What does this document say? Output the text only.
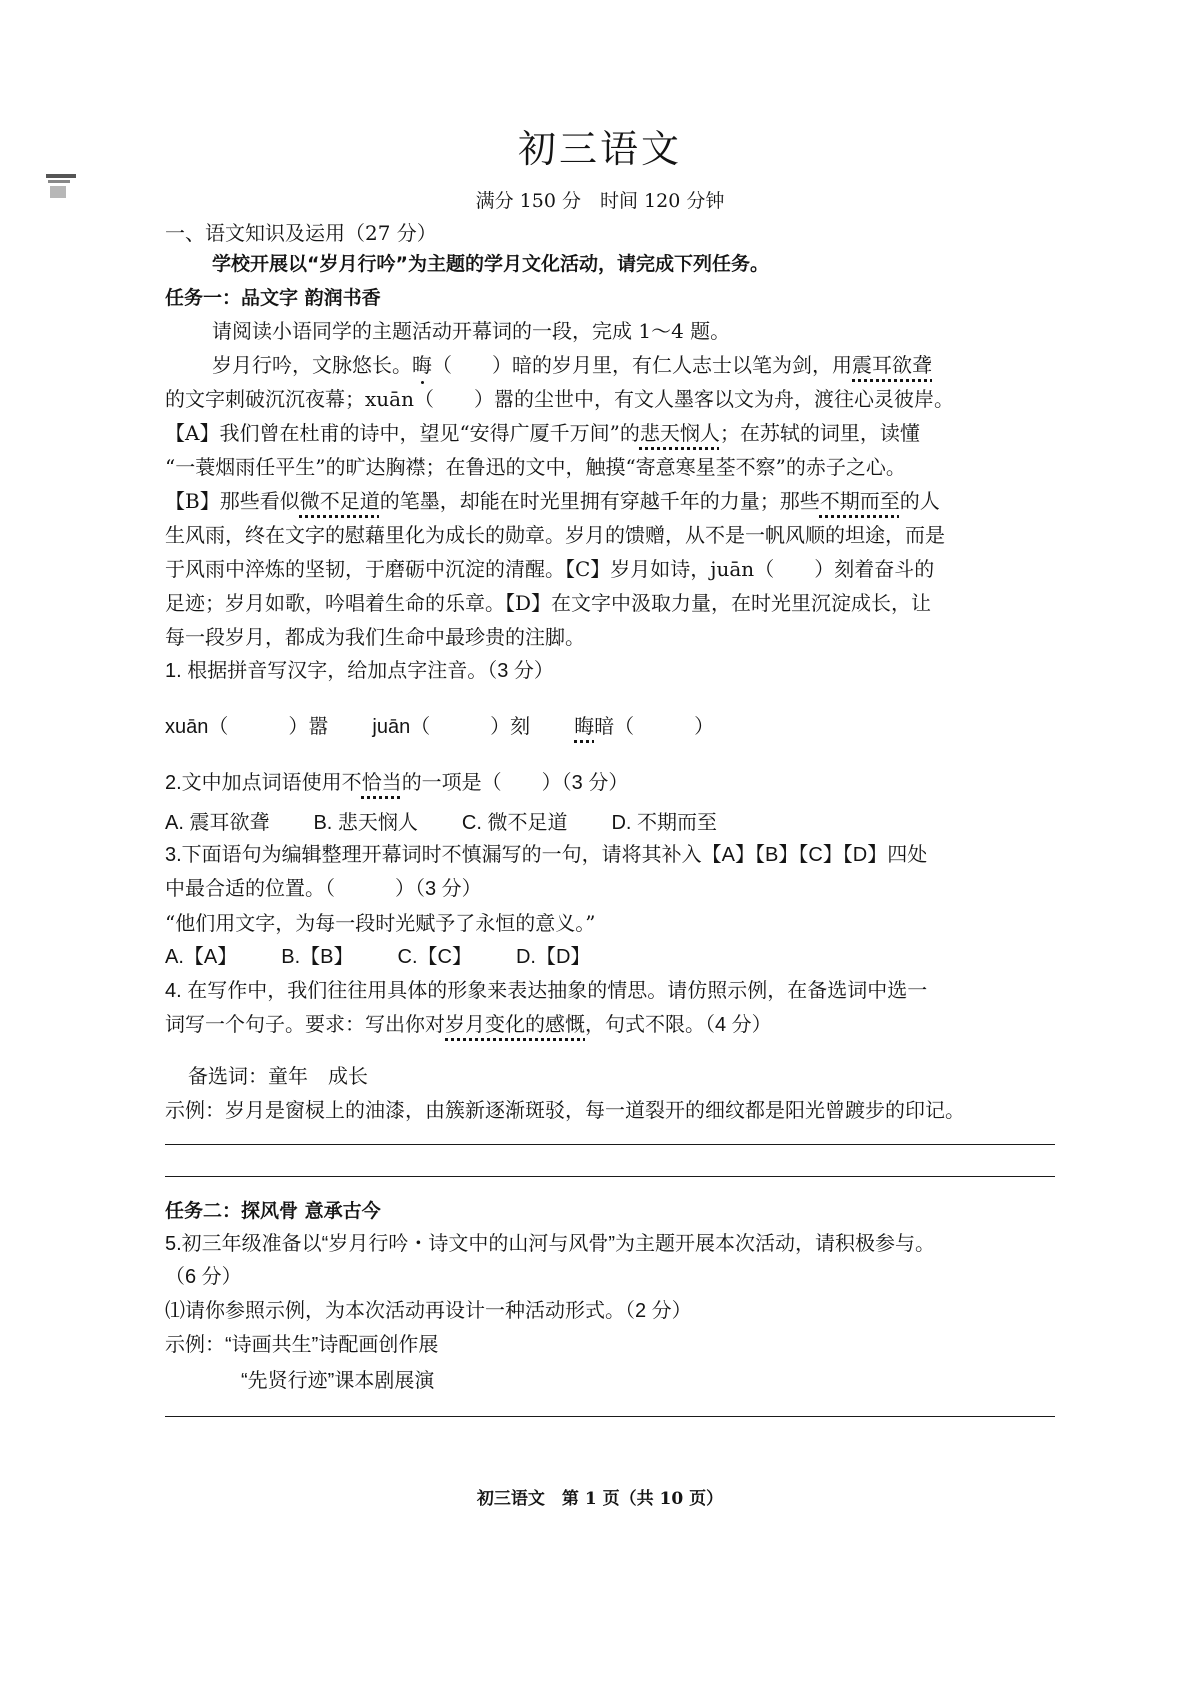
初三语文
满分 150 分　时间 120 分钟
一、语文知识及运用（27 分）
学校开展以“岁月行吟”为主题的学月文化活动，请完成下列任务。
任务一：品文字 韵润书香
请阅读小语同学的主题活动开幕词的一段，完成 1～4 题。
岁月行吟，文脉悠长。晦（　　）暗的岁月里，有仁人志士以笔为剑，用震耳欲聋
的文字刺破沉沉夜幕；xuān（　　）嚣的尘世中，有文人墨客以文为舟，渡往心灵彼岸。
【A】我们曾在杜甫的诗中，望见“安得广厦千万间”的悲天悯人；在苏轼的词里，读懂
“一蓑烟雨任平生”的旷达胸襟；在鲁迅的文中，触摸“寄意寒星荃不察”的赤子之心。
【B】那些看似微不足道的笔墨，却能在时光里拥有穿越千年的力量；那些不期而至的人
生风雨，终在文字的慰藉里化为成长的勋章。岁月的馈赠，从不是一帆风顺的坦途，而是
于风雨中淬炼的坚韧，于磨砺中沉淀的清醒。【C】岁月如诗，juān（　　）刻着奋斗的
足迹；岁月如歌，吟唱着生命的乐章。【D】在文字中汲取力量，在时光里沉淀成长，让
每一段岁月，都成为我们生命中最珍贵的注脚。
1. 根据拼音写汉字，给加点字注音。（3 分）
xuān（　　　）嚣 juān（　　　）刻 晦暗（　　　）
2.文中加点词语使用不恰当的一项是（　　）（3 分）
A. 震耳欲聋 B. 悲天悯人 C. 微不足道 D. 不期而至
3.下面语句为编辑整理开幕词时不慎漏写的一句，请将其补入【A】【B】【C】【D】四处
中最合适的位置。（　　　）（3 分）
“他们用文字，为每一段时光赋予了永恒的意义。”
A.【A】 B.【B】 C.【C】 D.【D】
4. 在写作中，我们往往用具体的形象来表达抽象的情思。请仿照示例，在备选词中选一
词写一个句子。要求：写出你对岁月变化的感慨，句式不限。（4 分）
备选词：童年　成长
示例：岁月是窗棂上的油漆，由簇新逐渐斑驳，每一道裂开的细纹都是阳光曾踱步的印记。
任务二：探风骨 意承古今
5.初三年级准备以“岁月行吟・诗文中的山河与风骨”为主题开展本次活动，请积极参与。
（6 分）
⑴请你参照示例，为本次活动再设计一种活动形式。（2 分）
示例：“诗画共生”诗配画创作展
“先贤行迹”课本剧展演
初三语文　第 1 页（共 10 页）
